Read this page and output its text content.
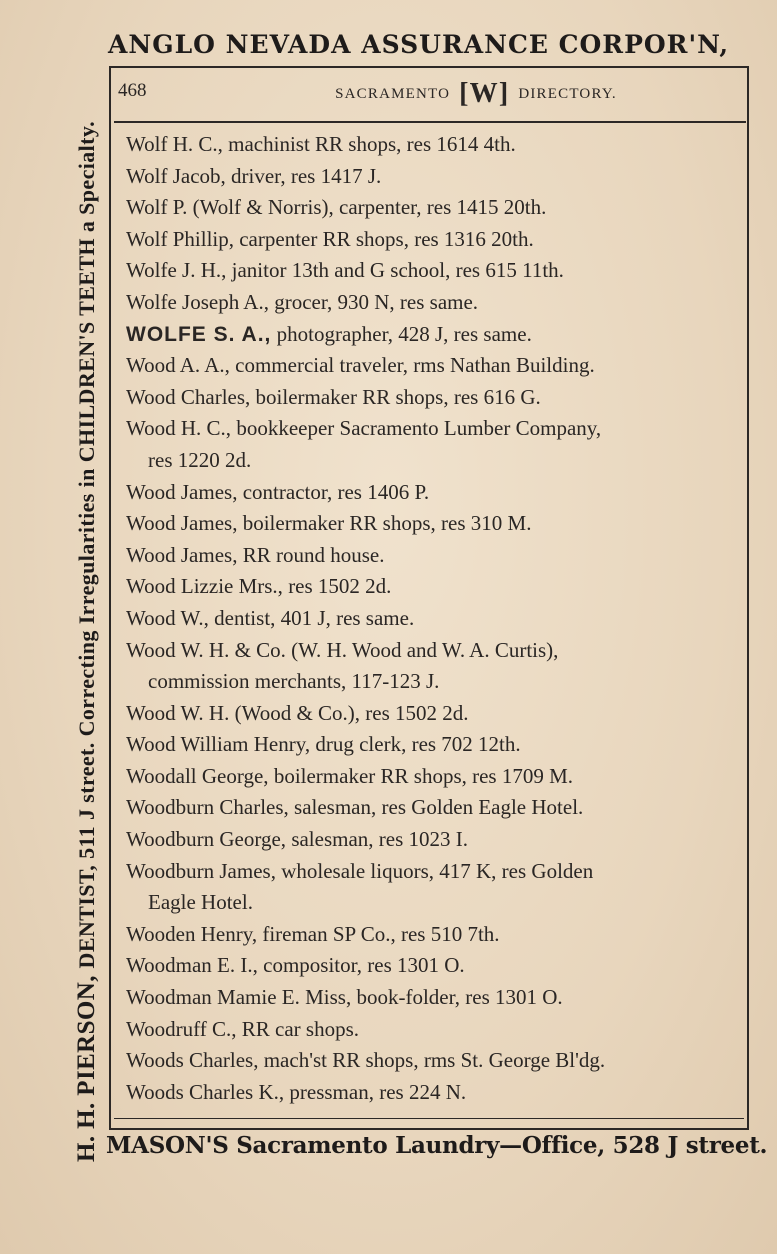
ANGLO NEVADA ASSURANCE CORPOR'N,
H. H. PIERSON, DENTIST, 511 J street. Correcting Irregularities in CHILDREN'S TEETH a Specialty.
468	SACRAMENTO [W] DIRECTORY.
Wolf H. C., machinist RR shops, res 1614 4th.
Wolf Jacob, driver, res 1417 J.
Wolf P. (Wolf & Norris), carpenter, res 1415 20th.
Wolf Phillip, carpenter RR shops, res 1316 20th.
Wolfe J. H., janitor 13th and G school, res 615 11th.
Wolfe Joseph A., grocer, 930 N, res same.
WOLFE S. A., photographer, 428 J, res same.
Wood A. A., commercial traveler, rms Nathan Building.
Wood Charles, boilermaker RR shops, res 616 G.
Wood H. C., bookkeeper Sacramento Lumber Company,
res 1220 2d.
Wood James, contractor, res 1406 P.
Wood James, boilermaker RR shops, res 310 M.
Wood James, RR round house.
Wood Lizzie Mrs., res 1502 2d.
Wood W., dentist, 401 J, res same.
Wood W. H. & Co. (W. H. Wood and W. A. Curtis),
commission merchants, 117-123 J.
Wood W. H. (Wood & Co.), res 1502 2d.
Wood William Henry, drug clerk, res 702 12th.
Woodall George, boilermaker RR shops, res 1709 M.
Woodburn Charles, salesman, res Golden Eagle Hotel.
Woodburn George, salesman, res 1023 I.
Woodburn James, wholesale liquors, 417 K, res Golden
Eagle Hotel.
Wooden Henry, fireman SP Co., res 510 7th.
Woodman E. I., compositor, res 1301 O.
Woodman Mamie E. Miss, book-folder, res 1301 O.
Woodruff C., RR car shops.
Woods Charles, mach'st RR shops, rms St. George Bl'dg.
Woods Charles K., pressman, res 224 N.
MASON'S Sacramento Laundry—Office, 528 J street.
